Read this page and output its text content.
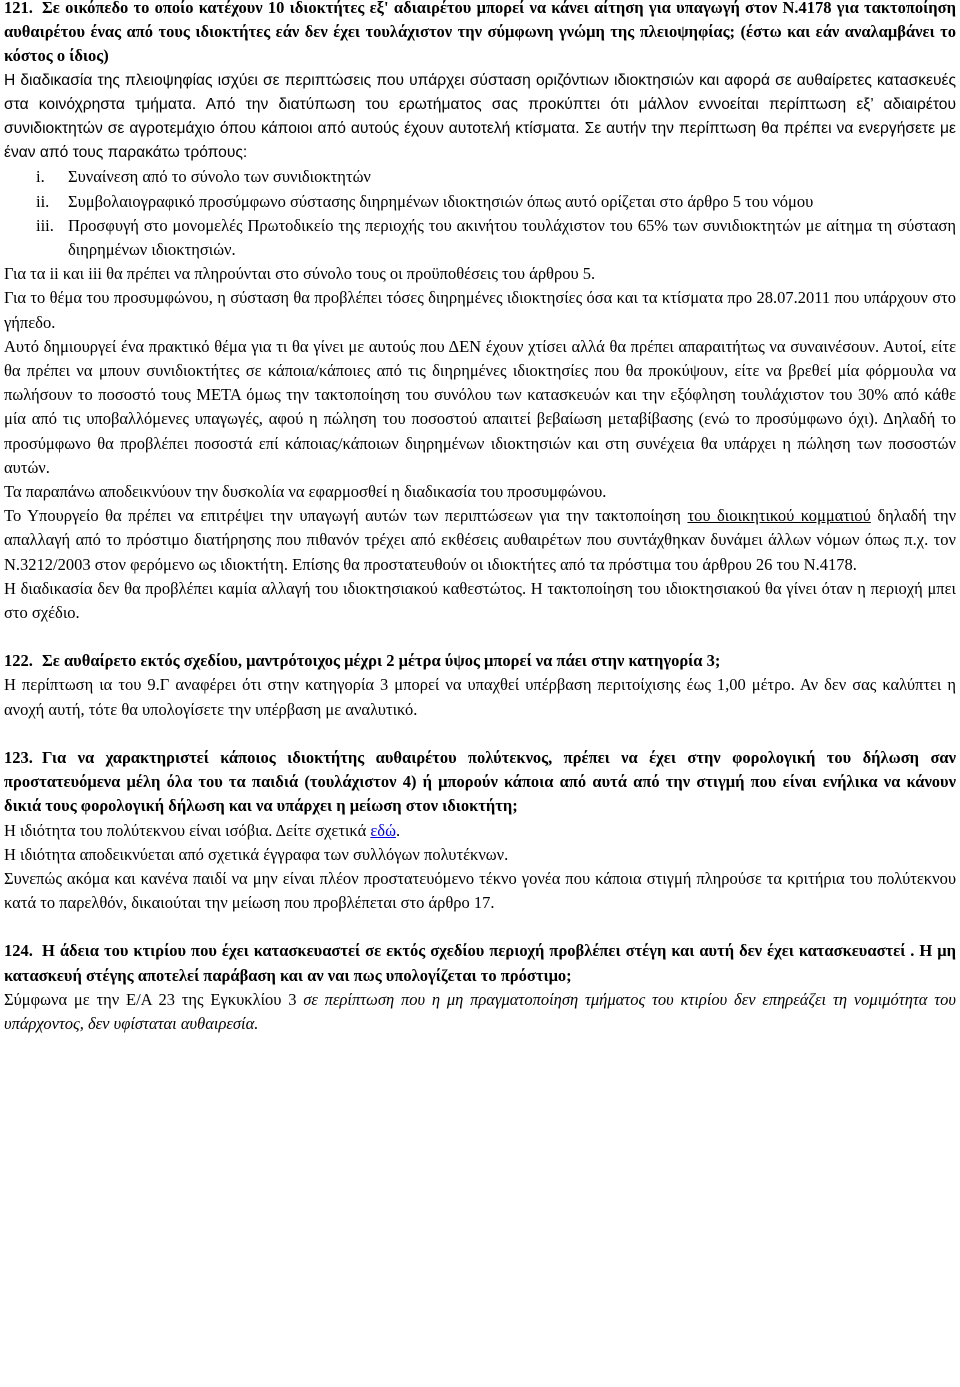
121. Σε οικόπεδο το οποίο κατέχουν 10 ιδιοκτήτες εξ' αδιαιρέτου μπορεί να κάνει αίτηση για υπαγωγή στον Ν.4178 για τακτοποίηση αυθαιρέτου ένας από τους ιδιοκτήτες εάν δεν έχει τουλάχιστον την σύμφωνη γνώμη της πλειοψηφίας; (έστω και εάν αναλαμβάνει το κόστος ο ίδιος)

Η διαδικασία της πλειοψηφίας ισχύει σε περιπτώσεις που υπάρχει σύσταση οριζόντιων ιδιοκτησιών και αφορά σε αυθαίρετες κατασκευές στα κοινόχρηστα τμήματα. Από την διατύπωση του ερωτήματος σας προκύπτει ότι μάλλον εννοείται περίπτωση εξ’ αδιαιρέτου συνιδιοκτητών σε αγροτεμάχιο όπου κάποιοι από αυτούς έχουν αυτοτελή κτίσματα. Σε αυτήν την περίπτωση θα πρέπει να ενεργήσετε με έναν από τους παρακάτω τρόπους:

i.	Συναίνεση από το σύνολο των συνιδιοκτητών
ii.	Συμβολαιογραφικό προσύμφωνο σύστασης διηρημένων ιδιοκτησιών όπως αυτό ορίζεται στο άρθρο 5 του νόμου
iii. Προσφυγή στο μονομελές Πρωτοδικείο της περιοχής του ακινήτου τουλάχιστον του 65% των συνιδιοκτητών με αίτημα τη σύσταση διηρημένων ιδιοκτησιών.

Για τα ii και iii θα πρέπει να πληρούνται στο σύνολο τους οι προϋποθέσεις του άρθρου 5.

Για το θέμα του προσυμφώνου, η σύσταση θα προβλέπει τόσες διηρημένες ιδιοκτησίες όσα και τα κτίσματα προ 28.07.2011 που υπάρχουν στο γήπεδο.

Αυτό δημιουργεί ένα πρακτικό θέμα για τι θα γίνει με αυτούς που ΔΕΝ έχουν χτίσει αλλά θα πρέπει απαραιτήτως να συναινέσουν. Αυτοί, είτε θα πρέπει να μπουν συνιδιοκτήτες σε κάποια/κάποιες από τις διηρημένες ιδιοκτησίες που θα προκύψουν, είτε να βρεθεί μία φόρμουλα να πωλήσουν το ποσοστό τους ΜΕΤΑ όμως την τακτοποίηση του συνόλου των κατασκευών και την εξόφληση τουλάχιστον του 30% από κάθε μία από τις υποβαλλόμενες υπαγωγές, αφού η πώληση του ποσοστού απαιτεί βεβαίωση μεταβίβασης (ενώ το προσύμφωνο όχι). Δηλαδή το προσύμφωνο θα προβλέπει ποσοστά επί κάποιας/κάποιων διηρημένων ιδιοκτησιών και στη συνέχεια θα υπάρχει η πώληση των ποσοστών αυτών.

Τα παραπάνω αποδεικνύουν την δυσκολία να εφαρμοσθεί η διαδικασία του προσυμφώνου.

Το Υπουργείο θα πρέπει να επιτρέψει την υπαγωγή αυτών των περιπτώσεων για την τακτοποίηση του διοικητικού κομματιού δηλαδή την απαλλαγή από το πρόστιμο διατήρησης που πιθανόν τρέχει από εκθέσεις αυθαιρέτων που συντάχθηκαν δυνάμει άλλων νόμων όπως π.χ. τον Ν.3212/2003 στον φερόμενο ως ιδιοκτήτη. Επίσης θα προστατευθούν οι ιδιοκτήτες από τα πρόστιμα του άρθρου 26 του Ν.4178.

Η διαδικασία δεν θα προβλέπει καμία αλλαγή του ιδιοκτησιακού καθεστώτος. Η τακτοποίηση του ιδιοκτησιακού θα γίνει όταν η περιοχή μπει στο σχέδιο.

122. Σε αυθαίρετο εκτός σχεδίου, μαντρότοιχος μέχρι 2 μέτρα ύψος μπορεί να πάει στην κατηγορία 3;

Η περίπτωση ια του 9.Γ αναφέρει ότι στην κατηγορία 3 μπορεί να υπαχθεί υπέρβαση περιτοίχισης έως 1,00 μέτρο. Αν δεν σας καλύπτει η ανοχή αυτή, τότε θα υπολογίσετε την υπέρβαση με αναλυτικό.

123. Για να χαρακτηριστεί κάποιος ιδιοκτήτης αυθαιρέτου πολύτεκνος, πρέπει να έχει στην φορολογική του δήλωση σαν προστατευόμενα μέλη όλα του τα παιδιά (τουλάχιστον 4) ή μπορούν κάποια από αυτά από την στιγμή που είναι ενήλικα να κάνουν δικιά τους φορολογική δήλωση και να υπάρχει η μείωση στον ιδιοκτήτη;

Η ιδιότητα του πολύτεκνου είναι ισόβια. Δείτε σχετικά εδώ.

Η ιδιότητα αποδεικνύεται από σχετικά έγγραφα των συλλόγων πολυτέκνων.

Συνεπώς ακόμα και κανένα παιδί να μην είναι πλέον προστατευόμενο τέκνο γονέα που κάποια στιγμή πληρούσε τα κριτήρια του πολύτεκνου κατά το παρελθόν, δικαιούται την μείωση που προβλέπεται στο άρθρο 17.

124. Η άδεια του κτιρίου που έχει κατασκευαστεί σε εκτός σχεδίου περιοχή προβλέπει στέγη και αυτή δεν έχει κατασκευαστεί . Η μη κατασκευή στέγης αποτελεί παράβαση και αν ναι πως υπολογίζεται το πρόστιμο;

Σύμφωνα με την Ε/Α 23 της Εγκυκλίου 3 σε περίπτωση που η μη πραγματοποίηση τμήματος του κτιρίου δεν επηρεάζει τη νομιμότητα του υπάρχοντος, δεν υφίσταται αυθαιρεσία.
